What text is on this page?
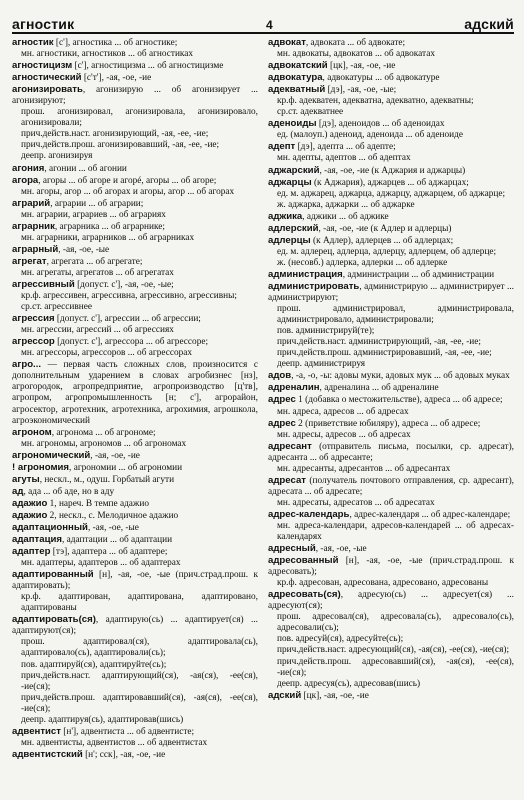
агностик	4	адский

агностик [с'], агностика ... об агностике;

мн. агностики, агностиков ... об агностиках

агностицизм [с'], агностицизма ... об агностицизме

агностический [с'т'], -ая, -ое, -ие

агонизировать, агонизирую ... об агонизирует ... агонизируют;

прош. агонизировал, агонизировала, агонизировало, агонизировали;

прич.действ.наст. агонизирующий, -ая, -ее, -ие;

прич.действ.прош. агонизировавший, -ая, -ее, -ие;

деепр. агонизируя

агония, агонии ... об агонии

агора, агоры ... об агоре и агорé, агоры ... об агоре;

мн. агоры, агор ... об агорах и агоры, агор ... об агорах

аграрий, аграрии ... об аграрии;

мн. аграрии, аграриев ... об аграриях

аграрник, аграрника ... об аграрнике;

мн. аграрники, аграрников ... об аграрниках

аграрный, -ая, -ое, -ые

агрегат, агрегата ... об агрегате;

мн. агрегаты, агрегатов ... об агрегатах

агрессивный [допуст. с'], -ая, -ое, -ые;

кр.ф. агрессивен, агрессивна, агрессивно, агрессивны;

ср.ст. агрессивнее

агрессия [допуст. с'], агрессии ... об агрессии;

мн. агрессии, агрессий ... об агрессиях

агрессор [допуст. с'], агрессора ... об агрессоре;

мн. агрессоры, агрессоров ... об агрессорах

агро... — первая часть сложных слов, произносится с дополнительным ударением в словах агробизнес [нз], агрогородок, агропредприятие, агропроизводство [ц'тв], агропром, агропромышленность [н; с'], агрорайон, агросектор, агротехник, агротехника, агрохимия, агрошкола, агроэкономический

агроном, агронома ... об агрономе;

мн. агрономы, агрономов ... об агрономах

агрономический, -ая, -ое, -ие

! агрономия, агрономии ... об агрономии

агуты, нескл., м., одуш. Горбатый агути

ад, ада ... об аде, но в аду

адажио 1, нареч. В темпе адажио

адажио 2, нескл., с. Мелодичное адажио

адаптационный, -ая, -ое, -ые

адаптация, адаптации ... об адаптации

адаптер [тэ], адаптера ... об адаптере;

мн. адаптеры, адаптеров ... об адаптерах

адаптированный [н], -ая, -ое, -ые (прич.страд.прош. к адаптировать);

кр.ф. адаптирован, адаптирована, адаптировано, адаптированы

адаптировать(ся), адаптирую(сь) ... адаптирует(ся) ... адаптируют(ся);

прош. адаптировал(ся), адаптировала(сь), адаптировало(сь), адаптировали(сь);

пов. адаптируй(ся), адаптируйте(сь);

прич.действ.наст. адаптирующий(ся), -ая(ся), -ее(ся), -ие(ся);

прич.действ.прош. адаптировавший(ся), -ая(ся), -ее(ся), -ие(ся);

деепр. адаптируя(сь), адаптировав(шись)

адвентист [н'], адвентиста ... об адвентисте;

мн. адвентисты, адвентистов ... об адвентистах

адвентистский [н'; сск], -ая, -ое, -ие

адвокат, адвоката ... об адвокате;

мн. адвокаты, адвокатов ... об адвокатах

адвокатский [цк], -ая, -ое, -ие

адвокатура, адвокатуры ... об адвокатуре

адекватный [дэ], -ая, -ое, -ые;

кр.ф. адекватен, адекватна, адекватно, адекватны;

ср.ст. адекватнее

аденоиды [дэ], аденоидов ... об аденоидах

ед. (малоуп.) аденоид, аденоида ... об аденоиде

адепт [дэ], адепта ... об адепте;

мн. адепты, адептов ... об адептах

аджарский, -ая, -ое, -ие (к Аджария и аджарцы)

аджарцы (к Аджария), аджарцев ... об аджарцах;

ед. м. аджарец, аджарца, аджарцу, аджарцем, об аджарце;

ж. аджарка, аджарки ... об аджарке

аджика, аджики ... об аджике

адлерский, -ая, -ое, -ие (к Адлер и адлерцы)

адлерцы (к Адлер), адлерцев ... об адлерцах;

ед. м. адлерец, адлерца, адлерцу, адлерцем, об адлерце;

ж. (несовб.) адлерка, адлерки ... об адлерке

администрация, администрации ... об администрации

администрировать, администрирую ... администрирует ... администрируют;

прош. администрировал, администрировала, администрировало, администрировали;

пов. администрируй(те);

прич.действ.наст. администрирующий, -ая, -ее, -ие;

прич.действ.прош. администрировавший, -ая, -ее, -ие;

деепр. администрируя

адов, -а, -о, -ы: адовы муки, адовых мук ... об адовых муках

адреналин, адреналина ... об адреналине

адрес 1 (добавка о местожительстве), адреса ... об адресе;

мн. адреса, адресов ... об адресах

адрес 2 (приветствие юбиляру), адреса ... об адресе;

мн. адресы, адресов ... об адресах

адресант (отправитель письма, посылки, ср. адресат), адресанта ... об адресанте;

мн. адресанты, адресантов ... об адресантах

адресат (получатель почтового отправления, ср. адресант), адресата ... об адресате;

мн. адресаты, адресатов ... об адресатах

адрес-календарь, адрес-календаря ... об адрес-календаре;

мн. адреса-календари, адресов-календарей ... об адресах-календарях

адресный, -ая, -ое, -ые

адресованный [н], -ая, -ое, -ые (прич.страд.прош. к адресовать);

кр.ф. адресован, адресована, адресовано, адресованы

адресовать(ся), адресую(сь) ... адресует(ся) ... адресуют(ся);

прош. адресовал(ся), адресовала(сь), адресовало(сь), адресовали(сь);

пов. адресуй(ся), адресуйте(сь);

прич.действ.наст. адресующий(ся), -ая(ся), -ее(ся), -ие(ся);

прич.действ.прош. адресовавший(ся), -ая(ся), -ее(ся), -ие(ся);

деепр. адресуя(сь), адресовав(шись)

адский [цк], -ая, -ое, -ие
